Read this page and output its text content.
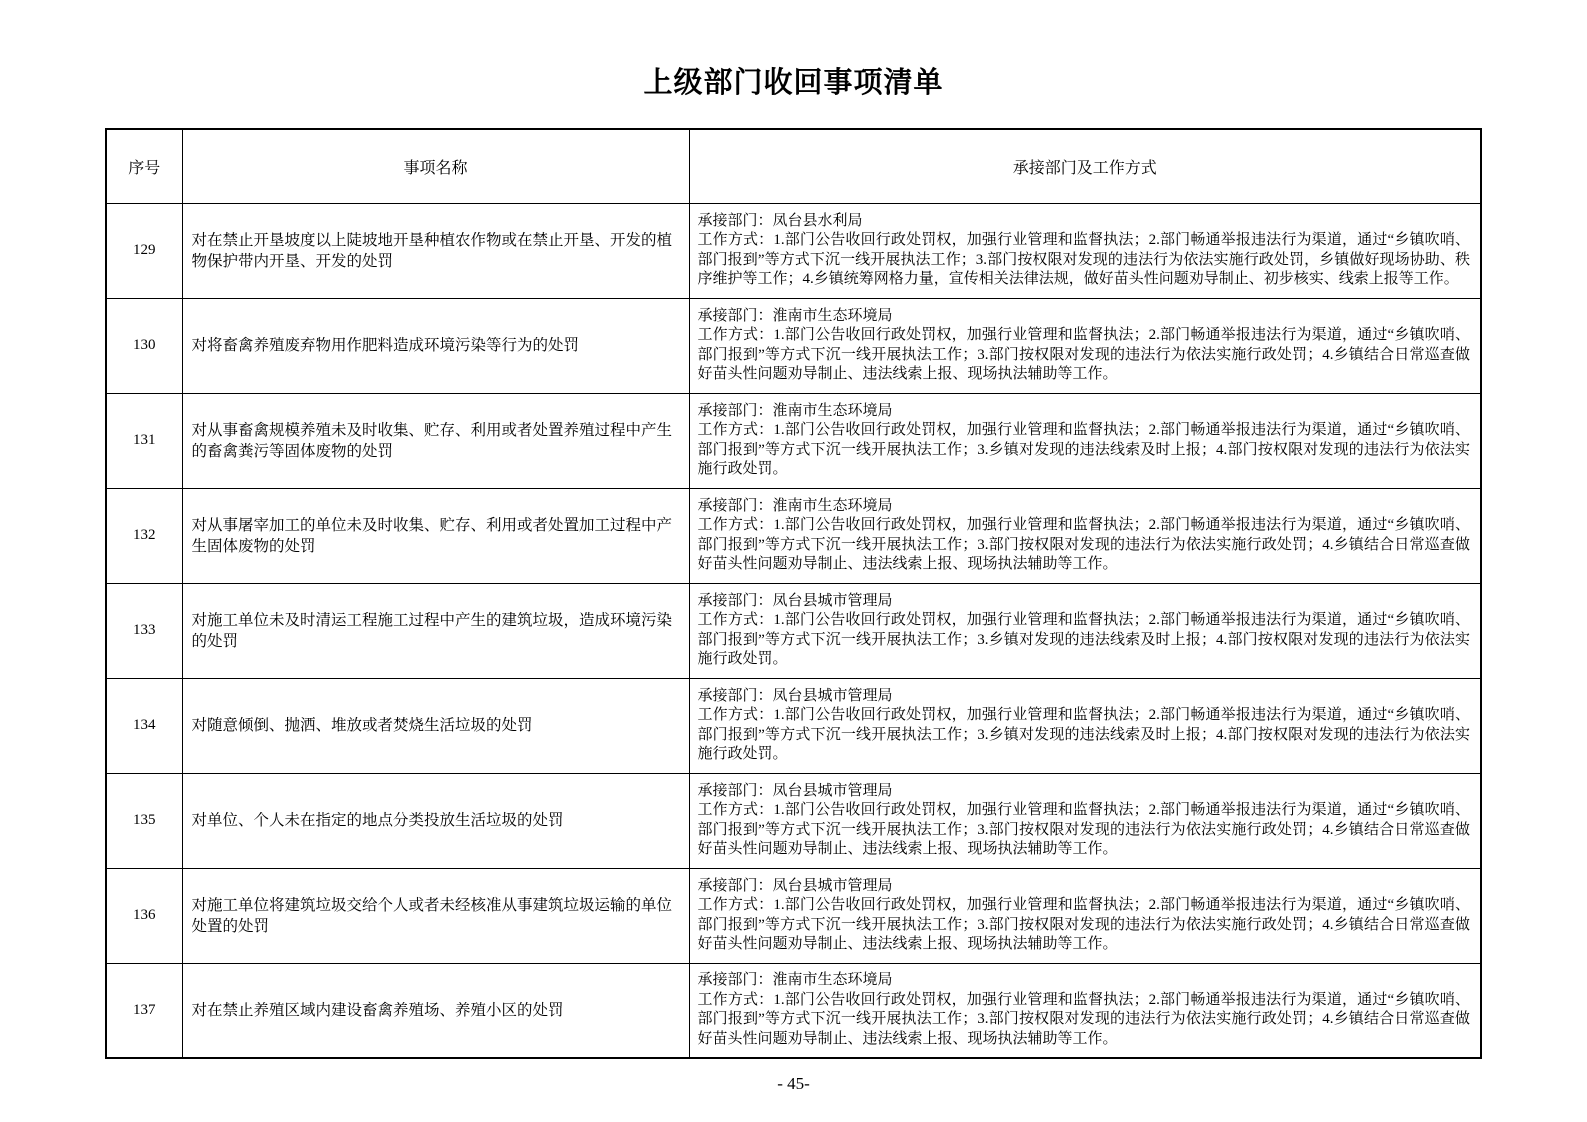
上级部门收回事项清单
序号	事项名称	承接部门及工作方式
129	对在禁止开垦坡度以上陡坡地开垦种植农作物或在禁止开垦、开发的植物保护带内开垦、开发的处罚	承接部门：凤台县水利局
工作方式：1.部门公告收回行政处罚权，加强行业管理和监督执法；2.部门畅通举报违法行为渠道，通过“乡镇吹哨、部门报到”等方式下沉一线开展执法工作；3.部门按权限对发现的违法行为依法实施行政处罚，乡镇做好现场协助、秩序维护等工作；4.乡镇统筹网格力量，宣传相关法律法规，做好苗头性问题劝导制止、初步核实、线索上报等工作。

130	对将畜禽养殖废弃物用作肥料造成环境污染等行为的处罚	承接部门：淮南市生态环境局
工作方式：1.部门公告收回行政处罚权，加强行业管理和监督执法；2.部门畅通举报违法行为渠道，通过“乡镇吹哨、部门报到”等方式下沉一线开展执法工作；3.部门按权限对发现的违法行为依法实施行政处罚；4.乡镇结合日常巡查做好苗头性问题劝导制止、违法线索上报、现场执法辅助等工作。

131	对从事畜禽规模养殖未及时收集、贮存、利用或者处置养殖过程中产生的畜禽粪污等固体废物的处罚	承接部门：淮南市生态环境局
工作方式：1.部门公告收回行政处罚权，加强行业管理和监督执法；2.部门畅通举报违法行为渠道，通过“乡镇吹哨、部门报到”等方式下沉一线开展执法工作；3.乡镇对发现的违法线索及时上报；4.部门按权限对发现的违法行为依法实施行政处罚。

132	对从事屠宰加工的单位未及时收集、贮存、利用或者处置加工过程中产生固体废物的处罚	承接部门：淮南市生态环境局
工作方式：1.部门公告收回行政处罚权，加强行业管理和监督执法；2.部门畅通举报违法行为渠道，通过“乡镇吹哨、部门报到”等方式下沉一线开展执法工作；3.部门按权限对发现的违法行为依法实施行政处罚；4.乡镇结合日常巡查做好苗头性问题劝导制止、违法线索上报、现场执法辅助等工作。

133	对施工单位未及时清运工程施工过程中产生的建筑垃圾，造成环境污染的处罚	承接部门：凤台县城市管理局
工作方式：1.部门公告收回行政处罚权，加强行业管理和监督执法；2.部门畅通举报违法行为渠道，通过“乡镇吹哨、部门报到”等方式下沉一线开展执法工作；3.乡镇对发现的违法线索及时上报；4.部门按权限对发现的违法行为依法实施行政处罚。

134	对随意倾倒、抛洒、堆放或者焚烧生活垃圾的处罚	承接部门：凤台县城市管理局
工作方式：1.部门公告收回行政处罚权，加强行业管理和监督执法；2.部门畅通举报违法行为渠道，通过“乡镇吹哨、部门报到”等方式下沉一线开展执法工作；3.乡镇对发现的违法线索及时上报；4.部门按权限对发现的违法行为依法实施行政处罚。

135	对单位、个人未在指定的地点分类投放生活垃圾的处罚	承接部门：凤台县城市管理局
工作方式：1.部门公告收回行政处罚权，加强行业管理和监督执法；2.部门畅通举报违法行为渠道，通过“乡镇吹哨、部门报到”等方式下沉一线开展执法工作；3.部门按权限对发现的违法行为依法实施行政处罚；4.乡镇结合日常巡查做好苗头性问题劝导制止、违法线索上报、现场执法辅助等工作。

136	对施工单位将建筑垃圾交给个人或者未经核准从事建筑垃圾运输的单位处置的处罚	承接部门：凤台县城市管理局
工作方式：1.部门公告收回行政处罚权，加强行业管理和监督执法；2.部门畅通举报违法行为渠道，通过“乡镇吹哨、部门报到”等方式下沉一线开展执法工作；3.部门按权限对发现的违法行为依法实施行政处罚；4.乡镇结合日常巡查做好苗头性问题劝导制止、违法线索上报、现场执法辅助等工作。

137	对在禁止养殖区域内建设畜禽养殖场、养殖小区的处罚	承接部门：淮南市生态环境局
工作方式：1.部门公告收回行政处罚权，加强行业管理和监督执法；2.部门畅通举报违法行为渠道，通过“乡镇吹哨、部门报到”等方式下沉一线开展执法工作；3.部门按权限对发现的违法行为依法实施行政处罚；4.乡镇结合日常巡查做好苗头性问题劝导制止、违法线索上报、现场执法辅助等工作。
- 45-
